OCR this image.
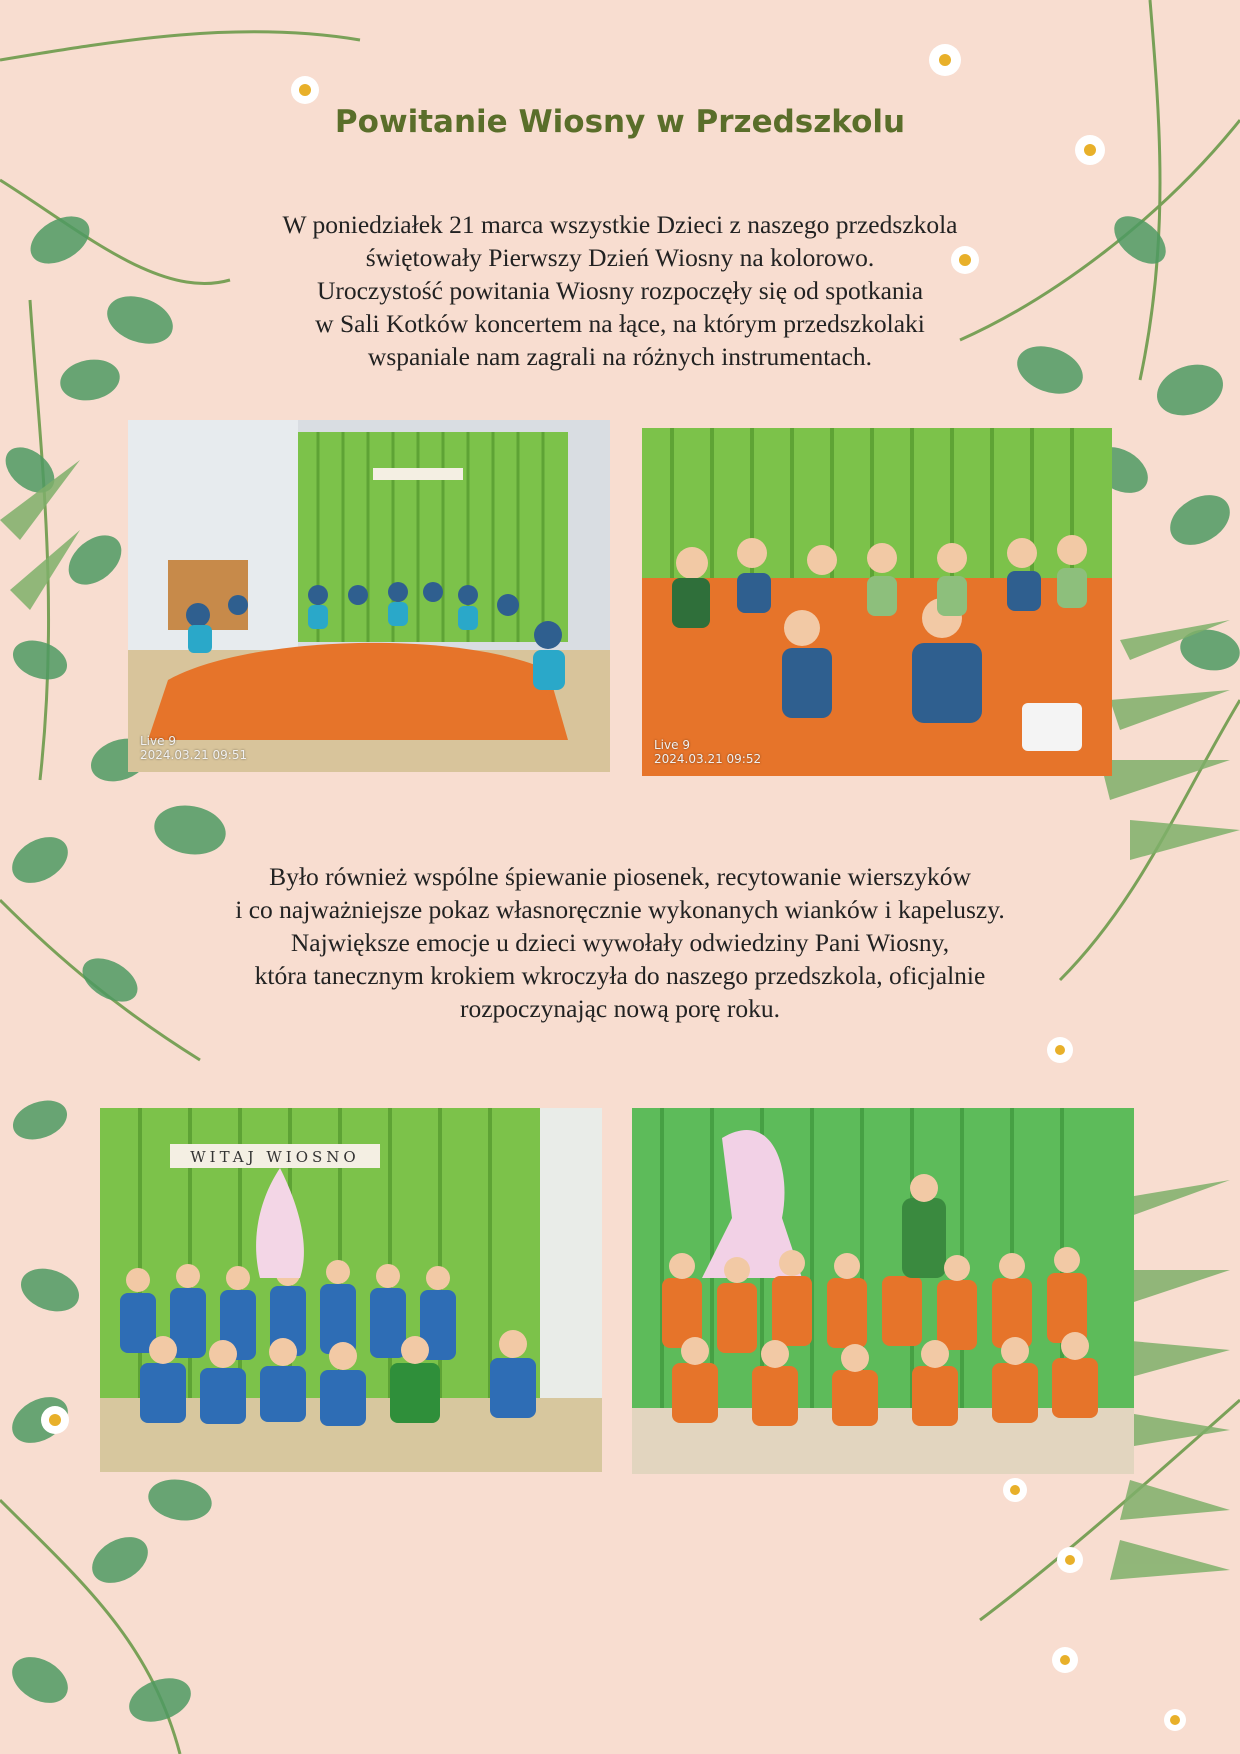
Powitanie Wiosny w Przedszkolu

W poniedziałek 21 marca wszystkie Dzieci z naszego przedszkola
świętowały Pierwszy Dzień Wiosny na kolorowo.
Uroczystość powitania Wiosny rozpoczęły się od spotkania
w Sali Kotków koncertem na łące, na którym przedszkolaki
wspaniale nam zagrali na różnych instrumentach.

Live 9
2024.03.21 09:51
Live 9
2024.03.21 09:52

Było również wspólne śpiewanie piosenek, recytowanie wierszyków
i co najważniejsze pokaz własnoręcznie wykonanych wianków i kapeluszy.
Największe emocje u dzieci wywołały odwiedziny Pani Wiosny,
która tanecznym krokiem wkroczyła do naszego przedszkola, oficjalnie
rozpoczynając nową porę roku.

WITAJ WIOSNO
